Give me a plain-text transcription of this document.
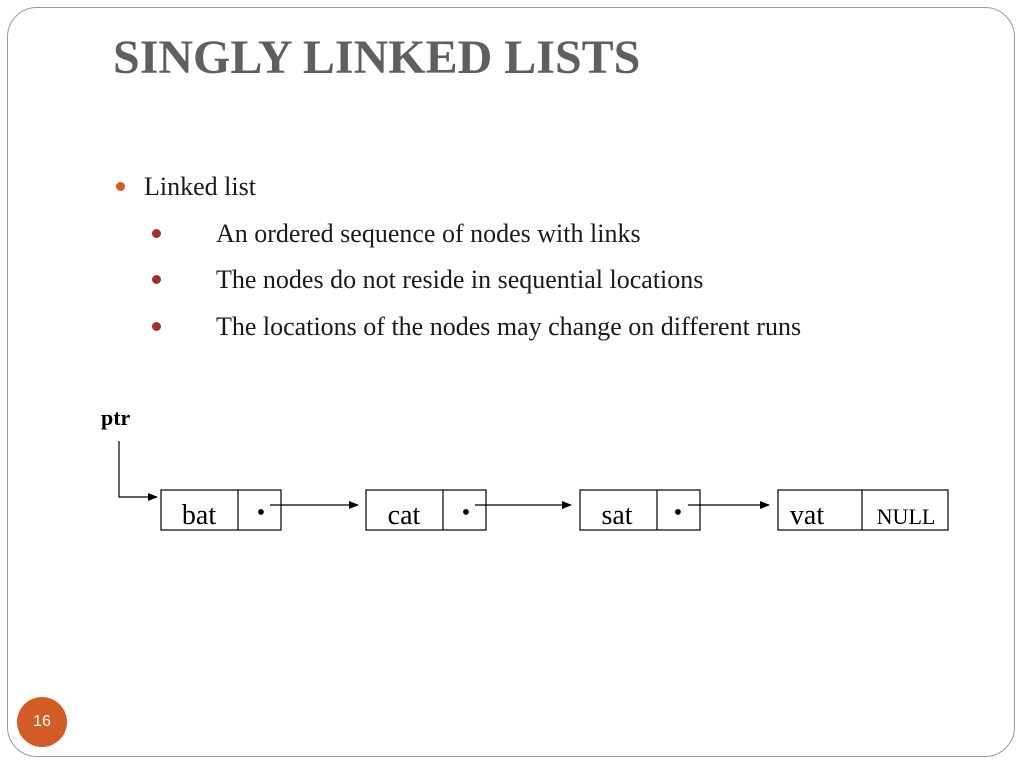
SINGLY LINKED LISTS
Linked list
An ordered sequence of nodes with links
The nodes do not reside in sequential locations
The locations of the nodes may change on different runs
ptr
bat •	cat •	sat •	vat NULL
16
